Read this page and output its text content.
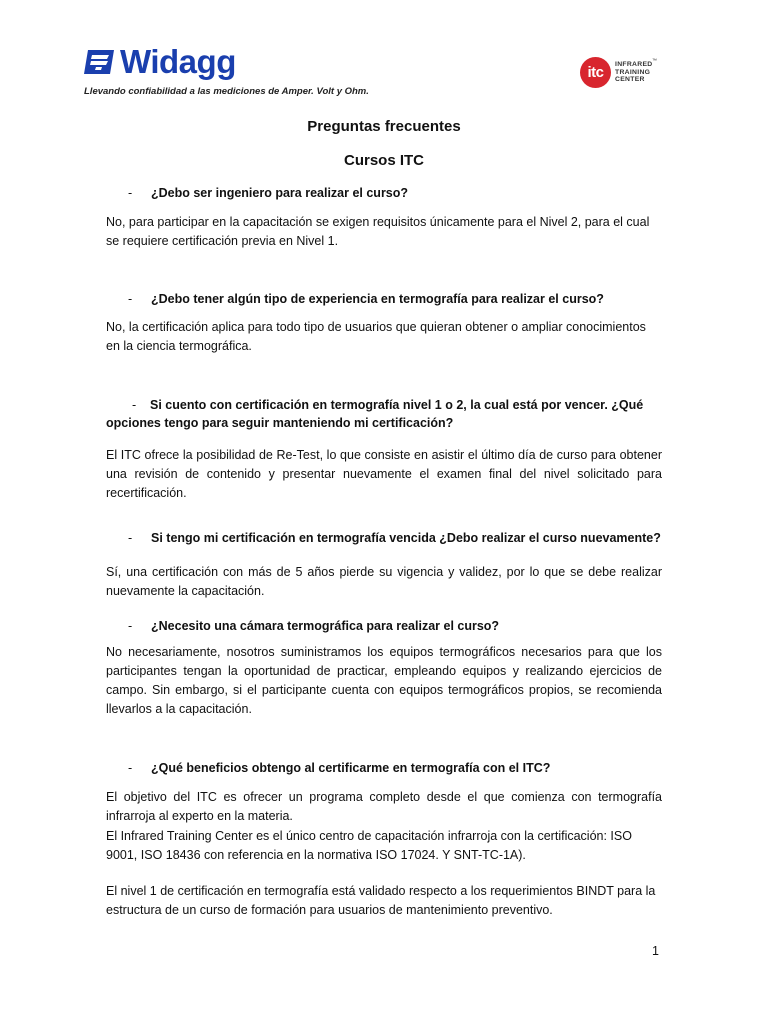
Widagg
Llevando confiabilidad a las mediciones de Amper. Volt y Ohm.
itc	INFRARED
TRAINING
CENTER
™
Preguntas frecuentes
Cursos ITC
-	¿Debo ser ingeniero para realizar el curso?
No, para participar en la capacitación se exigen requisitos únicamente para el Nivel 2, para el cual se requiere certificación previa en Nivel 1.
-	¿Debo tener algún tipo de experiencia en termografía para realizar el curso?
No, la certificación aplica para todo tipo de usuarios que quieran obtener o ampliar conocimientos en la ciencia termográfica.
-	Si cuento con certificación en termografía nivel 1 o 2, la cual está por vencer. ¿Qué opciones tengo para seguir manteniendo mi certificación?
El ITC ofrece la posibilidad de Re-Test, lo que consiste en asistir el último día de curso para obtener una revisión de contenido y presentar nuevamente el examen final del nivel solicitado para recertificación.
-	Si tengo mi certificación en termografía vencida ¿Debo realizar el curso nuevamente?
Sí, una certificación con más de 5 años pierde su vigencia y validez, por lo que se debe realizar nuevamente la capacitación.
-	¿Necesito una cámara termográfica para realizar el curso?
No necesariamente, nosotros suministramos los equipos termográficos necesarios para que los participantes tengan la oportunidad de practicar, empleando equipos y realizando ejercicios de campo. Sin embargo, si el participante cuenta con equipos termográficos propios, se recomienda llevarlos a la capacitación.
-	¿Qué beneficios obtengo al certificarme en termografía con el ITC?
El objetivo del ITC es ofrecer un programa completo desde el que comienza con termografía infrarroja al experto en la materia.
El Infrared Training Center es el único centro de capacitación infrarroja con la certificación: ISO 9001, ISO 18436 con referencia en la normativa ISO 17024. Y SNT-TC-1A).
El nivel 1 de certificación en termografía está validado respecto a los requerimientos BINDT para la estructura de un curso de formación para usuarios de mantenimiento preventivo.
1
